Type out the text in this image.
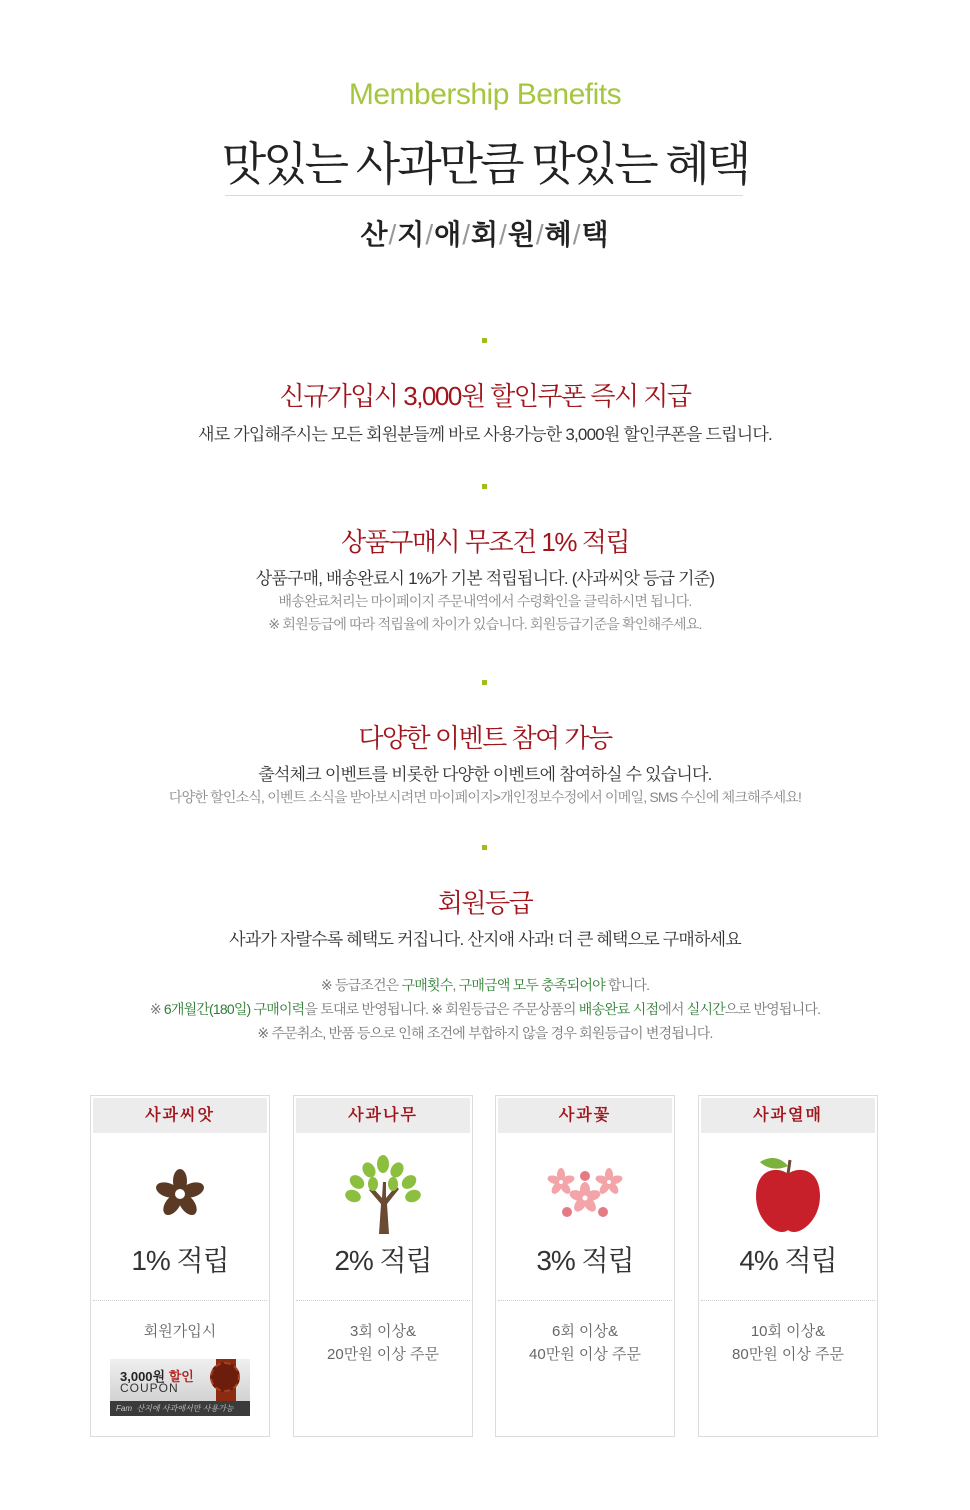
Membership Benefits
맛있는 사과만큼 맛있는 혜택
산/지/애/회/원/혜/택
신규가입시 3,000원 할인쿠폰 즉시 지급
새로 가입해주시는 모든 회원분들께 바로 사용가능한 3,000원 할인쿠폰을 드립니다.
상품구매시 무조건 1% 적립
상품구매, 배송완료시 1%가 기본 적립됩니다. (사과씨앗 등급 기준)
배송완료처리는 마이페이지 주문내역에서 수령확인을 클릭하시면 됩니다.
※ 회원등급에 따라 적립율에 차이가 있습니다. 회원등급기준을 확인해주세요.
다양한 이벤트 참여 가능
출석체크 이벤트를 비롯한 다양한 이벤트에 참여하실 수 있습니다.
다양한 할인소식, 이벤트 소식을 받아보시려면 마이페이지>개인정보수정에서 이메일, SMS 수신에 체크해주세요!
회원등급
사과가 자랄수록 혜택도 커집니다. 산지애 사과! 더 큰 혜택으로 구매하세요
※ 등급조건은 구매횟수, 구매금액 모두 충족되어야 합니다.
※ 6개월간(180일) 구매이력을 토대로 반영됩니다. ※ 회원등급은 주문상품의 배송완료 시점에서 실시간으로 반영됩니다.
※ 주문취소, 반품 등으로 인해 조건에 부합하지 않을 경우 회원등급이 변경됩니다.
사과씨앗
1% 적립
회원가입시
3,000원 할인
COUPON
Fam 산지애 사과에서만 사용가능
사과나무
2% 적립
3회 이상&
20만원 이상 주문
사과꽃
3% 적립
6회 이상&
40만원 이상 주문
사과열매
4% 적립
10회 이상&
80만원 이상 주문
